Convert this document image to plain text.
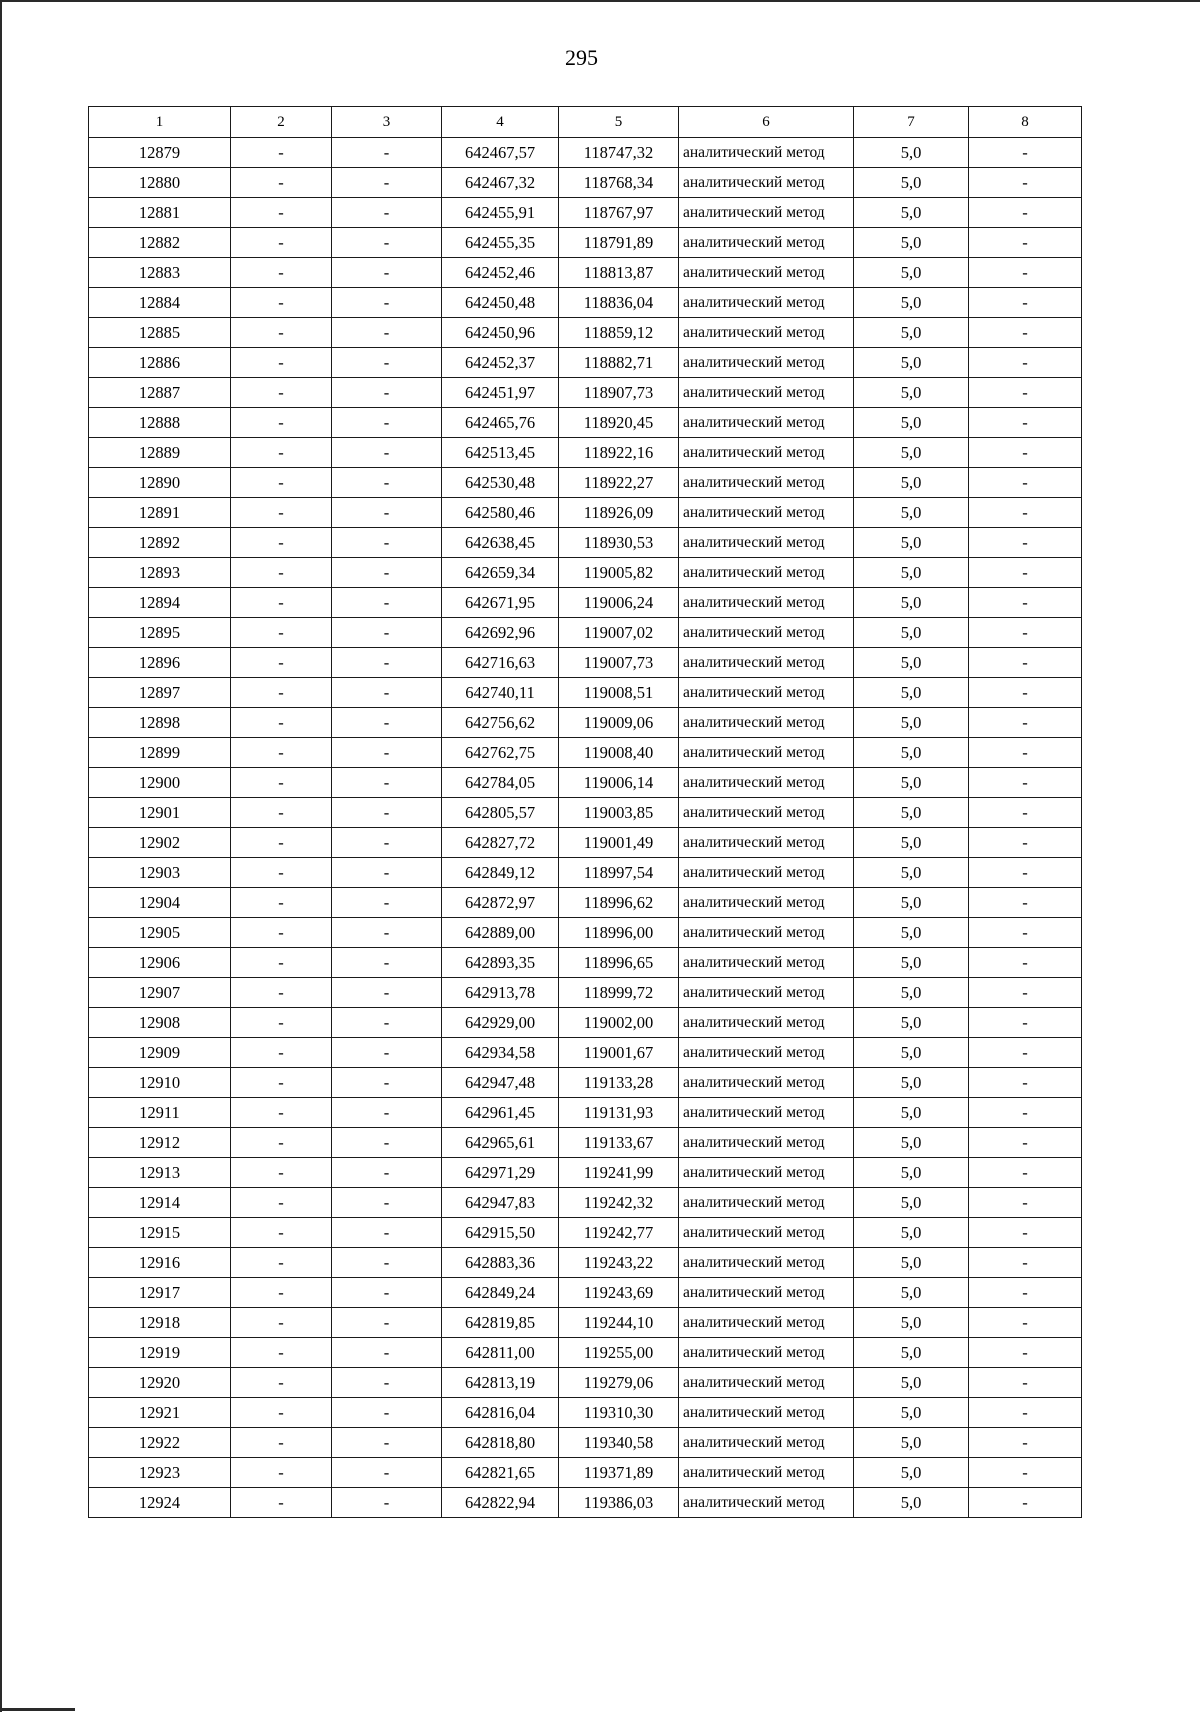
295
1	2	3	4	5	6	7	8
12879	-	-	642467,57	118747,32	аналитический метод	5,0	-
12880	-	-	642467,32	118768,34	аналитический метод	5,0	-
12881	-	-	642455,91	118767,97	аналитический метод	5,0	-
12882	-	-	642455,35	118791,89	аналитический метод	5,0	-
12883	-	-	642452,46	118813,87	аналитический метод	5,0	-
12884	-	-	642450,48	118836,04	аналитический метод	5,0	-
12885	-	-	642450,96	118859,12	аналитический метод	5,0	-
12886	-	-	642452,37	118882,71	аналитический метод	5,0	-
12887	-	-	642451,97	118907,73	аналитический метод	5,0	-
12888	-	-	642465,76	118920,45	аналитический метод	5,0	-
12889	-	-	642513,45	118922,16	аналитический метод	5,0	-
12890	-	-	642530,48	118922,27	аналитический метод	5,0	-
12891	-	-	642580,46	118926,09	аналитический метод	5,0	-
12892	-	-	642638,45	118930,53	аналитический метод	5,0	-
12893	-	-	642659,34	119005,82	аналитический метод	5,0	-
12894	-	-	642671,95	119006,24	аналитический метод	5,0	-
12895	-	-	642692,96	119007,02	аналитический метод	5,0	-
12896	-	-	642716,63	119007,73	аналитический метод	5,0	-
12897	-	-	642740,11	119008,51	аналитический метод	5,0	-
12898	-	-	642756,62	119009,06	аналитический метод	5,0	-
12899	-	-	642762,75	119008,40	аналитический метод	5,0	-
12900	-	-	642784,05	119006,14	аналитический метод	5,0	-
12901	-	-	642805,57	119003,85	аналитический метод	5,0	-
12902	-	-	642827,72	119001,49	аналитический метод	5,0	-
12903	-	-	642849,12	118997,54	аналитический метод	5,0	-
12904	-	-	642872,97	118996,62	аналитический метод	5,0	-
12905	-	-	642889,00	118996,00	аналитический метод	5,0	-
12906	-	-	642893,35	118996,65	аналитический метод	5,0	-
12907	-	-	642913,78	118999,72	аналитический метод	5,0	-
12908	-	-	642929,00	119002,00	аналитический метод	5,0	-
12909	-	-	642934,58	119001,67	аналитический метод	5,0	-
12910	-	-	642947,48	119133,28	аналитический метод	5,0	-
12911	-	-	642961,45	119131,93	аналитический метод	5,0	-
12912	-	-	642965,61	119133,67	аналитический метод	5,0	-
12913	-	-	642971,29	119241,99	аналитический метод	5,0	-
12914	-	-	642947,83	119242,32	аналитический метод	5,0	-
12915	-	-	642915,50	119242,77	аналитический метод	5,0	-
12916	-	-	642883,36	119243,22	аналитический метод	5,0	-
12917	-	-	642849,24	119243,69	аналитический метод	5,0	-
12918	-	-	642819,85	119244,10	аналитический метод	5,0	-
12919	-	-	642811,00	119255,00	аналитический метод	5,0	-
12920	-	-	642813,19	119279,06	аналитический метод	5,0	-
12921	-	-	642816,04	119310,30	аналитический метод	5,0	-
12922	-	-	642818,80	119340,58	аналитический метод	5,0	-
12923	-	-	642821,65	119371,89	аналитический метод	5,0	-
12924	-	-	642822,94	119386,03	аналитический метод	5,0	-
